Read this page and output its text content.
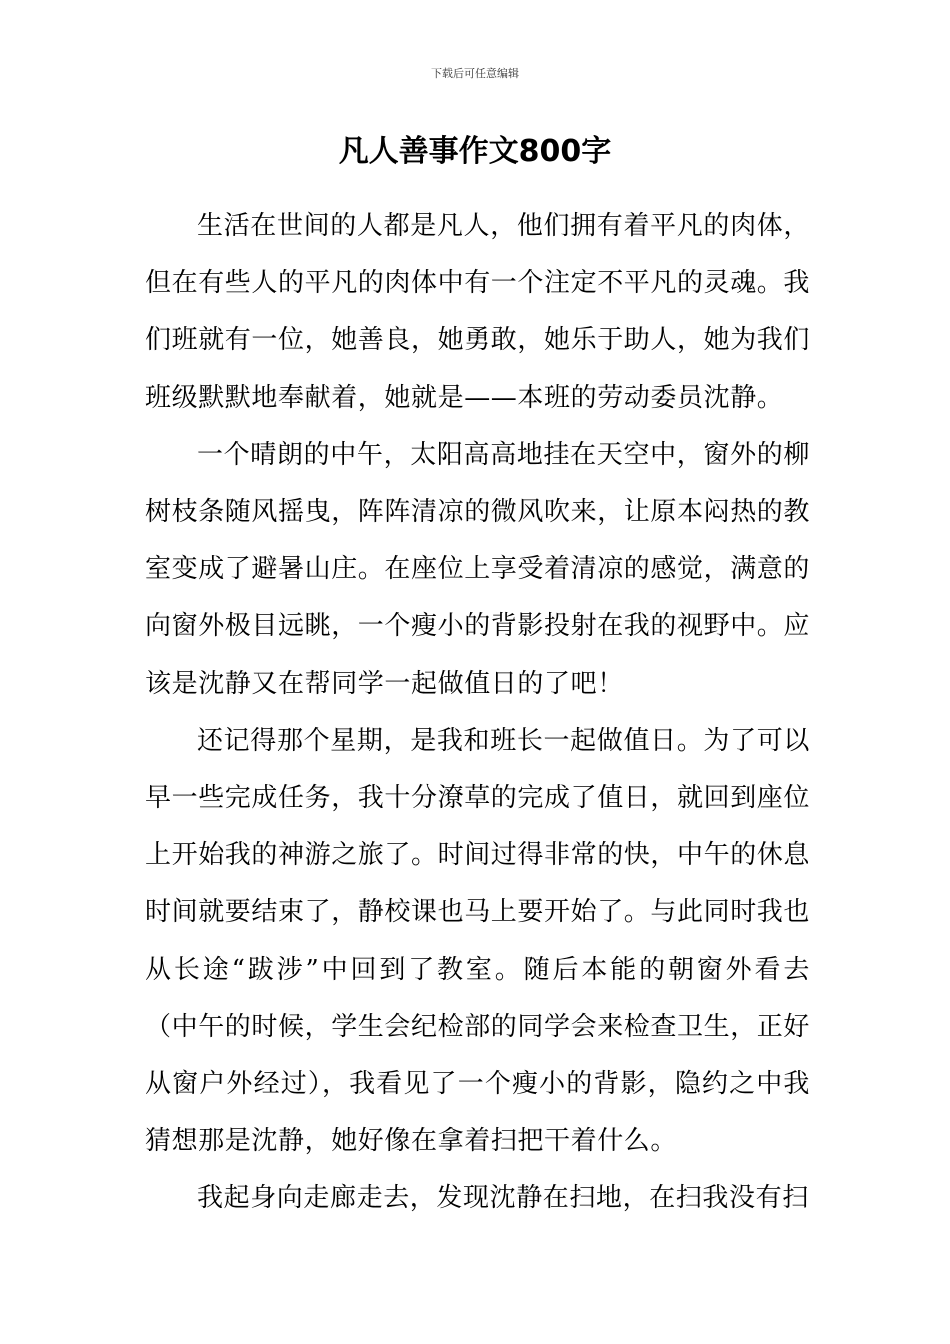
下载后可任意编辑
凡人善事作文800字

生活在世间的人都是凡人，他们拥有着平凡的肉体，但在有些人的平凡的肉体中有一个注定不平凡的灵魂。我们班就有一位，她善良，她勇敢，她乐于助人，她为我们班级默默地奉献着，她就是——本班的劳动委员沈静。

一个晴朗的中午，太阳高高地挂在天空中，窗外的柳树枝条随风摇曳，阵阵清凉的微风吹来，让原本闷热的教室变成了避暑山庄。在座位上享受着清凉的感觉，满意的向窗外极目远眺，一个瘦小的背影投射在我的视野中。应该是沈静又在帮同学一起做值日的了吧！

还记得那个星期，是我和班长一起做值日。为了可以早一些完成任务，我十分潦草的完成了值日，就回到座位上开始我的神游之旅了。时间过得非常的快，中午的休息时间就要结束了，静校课也马上要开始了。与此同时我也从长途“跋涉”中回到了教室。随后本能的朝窗外看去（中午的时候，学生会纪检部的同学会来检查卫生，正好从窗户外经过），我看见了一个瘦小的背影，隐约之中我猜想那是沈静，她好像在拿着扫把干着什么。

我起身向走廊走去，发现沈静在扫地，在扫我没有扫
